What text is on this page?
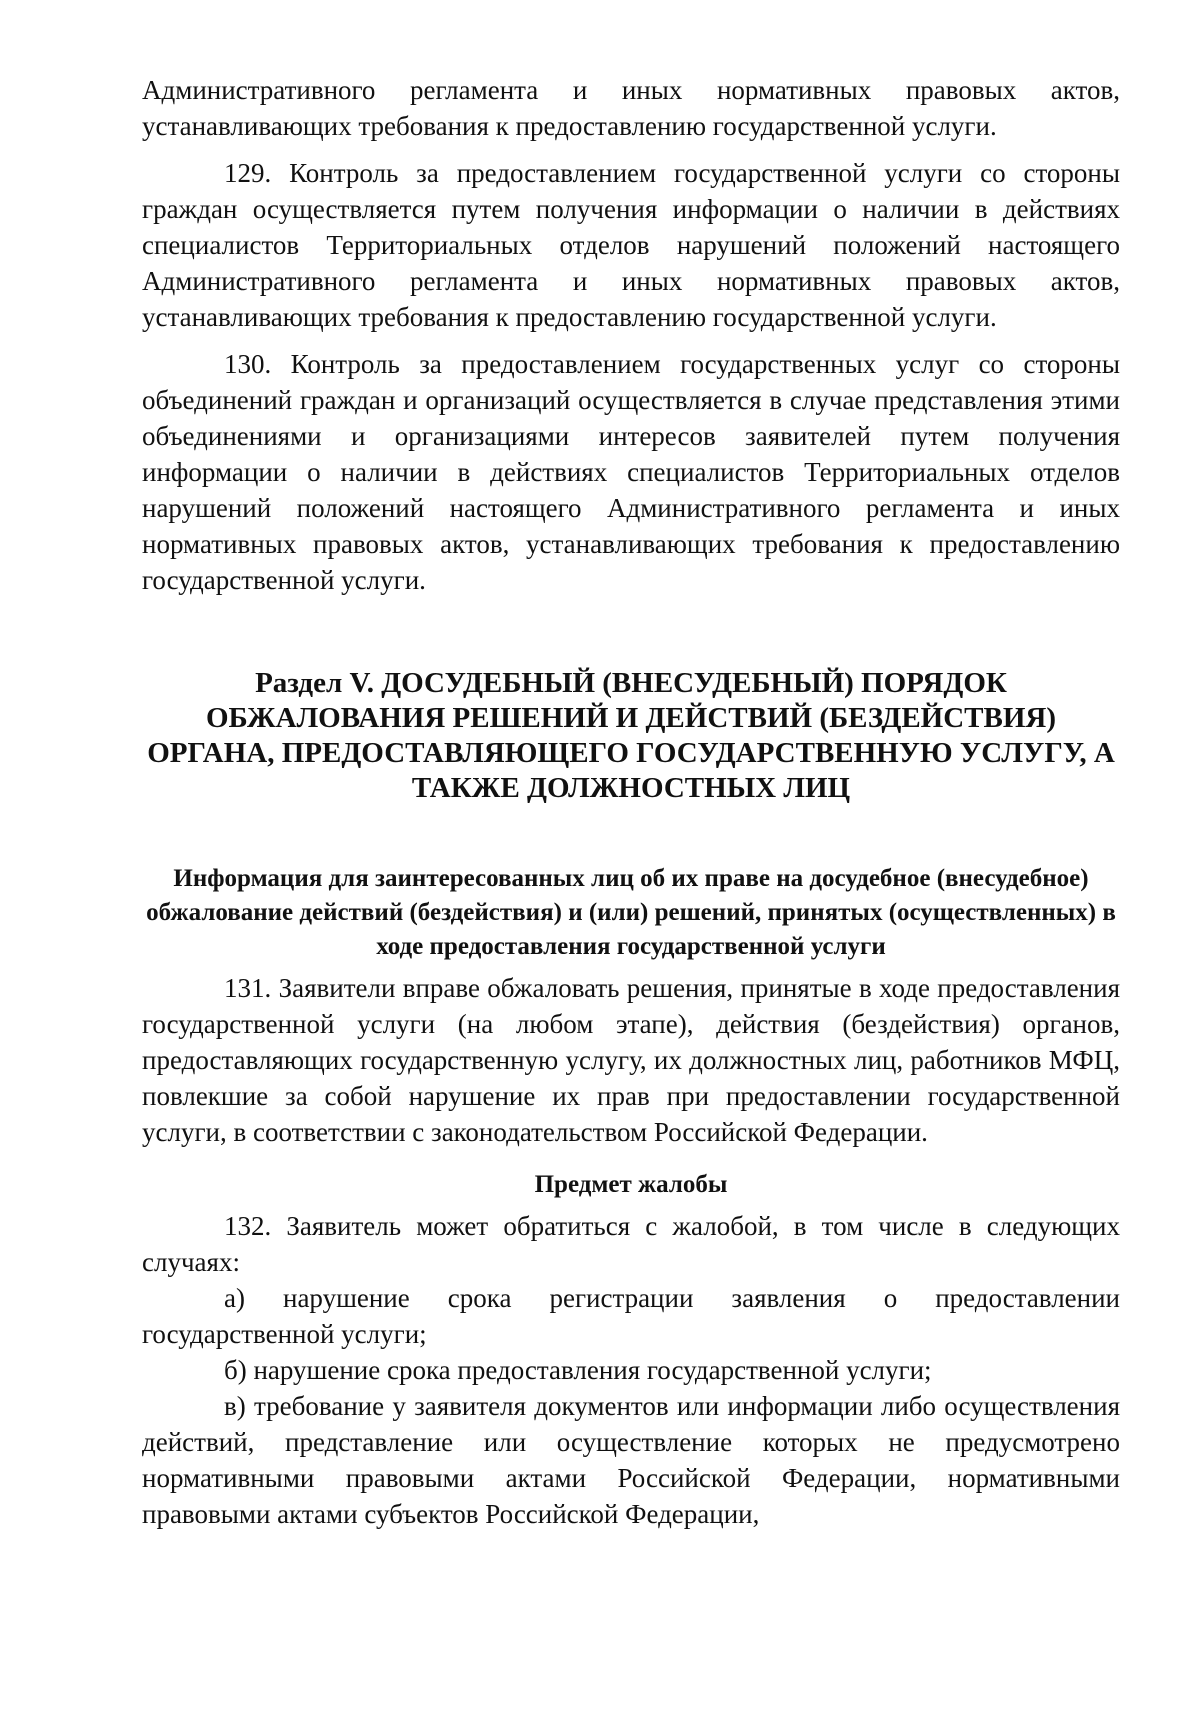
Административного регламента и иных нормативных правовых актов, устанавливающих требования к предоставлению государственной услуги.

129. Контроль за предоставлением государственной услуги со стороны граждан осуществляется путем получения информации о наличии в действиях специалистов Территориальных отделов нарушений положений настоящего Административного регламента и иных нормативных правовых актов, устанавливающих требования к предоставлению государственной услуги.

130. Контроль за предоставлением государственных услуг со стороны объединений граждан и организаций осуществляется в случае представления этими объединениями и организациями интересов заявителей путем получения информации о наличии в действиях специалистов Территориальных отделов нарушений положений настоящего Административного регламента и иных нормативных правовых актов, устанавливающих требования к предоставлению государственной услуги.

Раздел V. ДОСУДЕБНЫЙ (ВНЕСУДЕБНЫЙ) ПОРЯДОК ОБЖАЛОВАНИЯ РЕШЕНИЙ И ДЕЙСТВИЙ (БЕЗДЕЙСТВИЯ) ОРГАНА, ПРЕДОСТАВЛЯЮЩЕГО ГОСУДАРСТВЕННУЮ УСЛУГУ, А ТАКЖЕ ДОЛЖНОСТНЫХ ЛИЦ
Информация для заинтересованных лиц об их праве на досудебное (внесудебное) обжалование действий (бездействия) и (или) решений, принятых (осуществленных) в ходе предоставления государственной услуги

131. Заявители вправе обжаловать решения, принятые в ходе предоставления государственной услуги (на любом этапе), действия (бездействия) органов, предоставляющих государственную услугу, их должностных лиц, работников МФЦ, повлекшие за собой нарушение их прав при предоставлении государственной услуги, в соответствии с законодательством Российской Федерации.

Предмет жалобы

132. Заявитель может обратиться с жалобой, в том числе в следующих случаях:

а) нарушение срока регистрации заявления о предоставлении государственной услуги;

б) нарушение срока предоставления государственной услуги;

в) требование у заявителя документов или информации либо осуществления действий, представление или осуществление которых не предусмотрено нормативными правовыми актами Российской Федерации, нормативными правовыми актами субъектов Российской Федерации,
